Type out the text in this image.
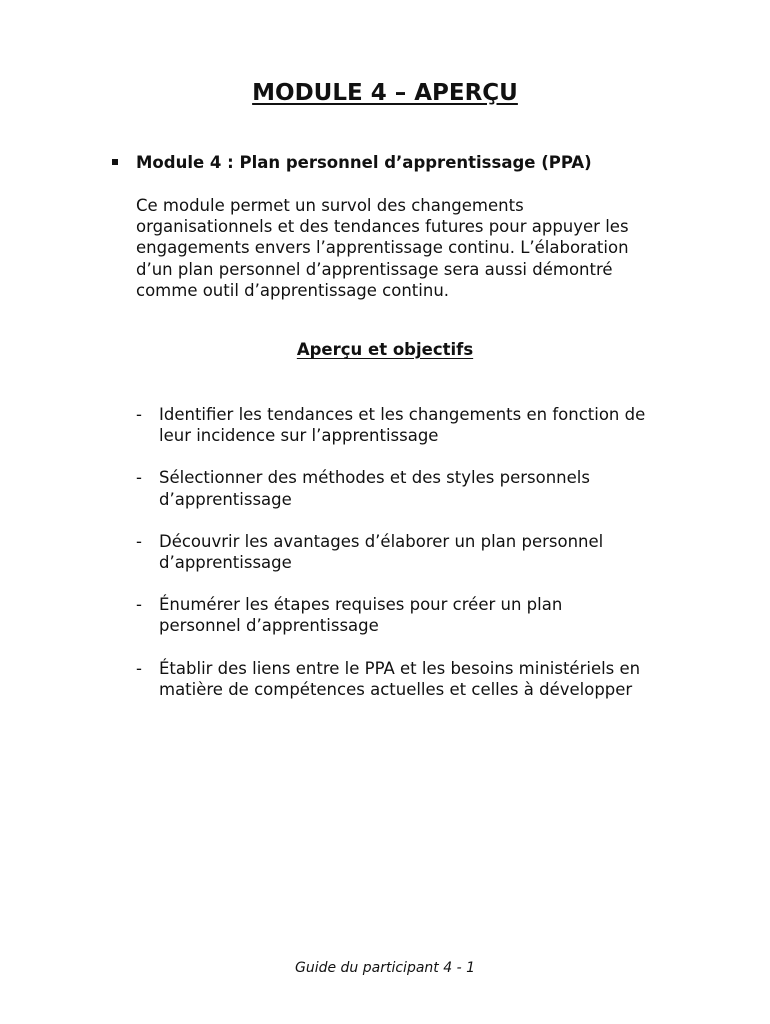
MODULE 4 – APERÇU
Module 4 : Plan personnel d’apprentissage (PPA)

Ce module permet un survol des changements
organisationnels et des tendances futures pour appuyer les
engagements envers l’apprentissage continu. L’élaboration
d’un plan personnel d’apprentissage sera aussi démontré
comme outil d’apprentissage continu.

Aperçu et objectifs
-	Identifier les tendances et les changements en fonction de
leur incidence sur l’apprentissage
-	Sélectionner des méthodes et des styles personnels
d’apprentissage
-	Découvrir les avantages d’élaborer un plan personnel
d’apprentissage
-	Énumérer les étapes requises pour créer un plan
personnel d’apprentissage
-	Établir des liens entre le PPA et les besoins ministériels en
matière de compétences actuelles et celles à développer

Guide du participant 4 - 1
